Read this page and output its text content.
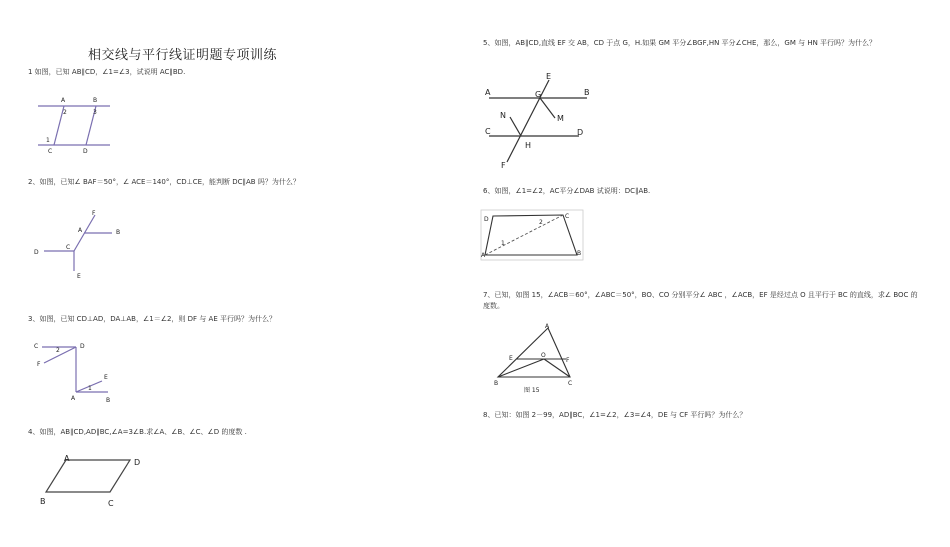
相交线与平行线证明题专项训练
1 如图，已知 AB∥CD，∠1=∠3，试说明 AC∥BD.
A	B
C	D
1
2	3
2、如图，已知∠ BAF＝50°，∠ ACE＝140°，CD⊥CE，能判断 DC∥AB 吗？为什么？
F
A	B
C
D
E
3、如图，已知 CD⊥AD，DA⊥AB，∠1＝∠2，则 DF 与 AE 平行吗？为什么？
C	D
F
E
A	B
1
2
4、如图，AB∥CD,AD∥BC,∠A=3∠B.求∠A、∠B、∠C、∠D 的度数 .
A	D
B	C
5、如图，AB∥CD,直线 EF 交 AB，CD 于点 G，H.如果 GM 平分∠BGF,HN 平分∠CHE，那么，GM 与 HN 平行吗？为什么？
E
A	B
G
N	M
C	D
H
F
6、如图，∠1=∠2，AC平分∠DAB 试说明：DC∥AB.
D	C
A	B
1
2
7、已知，如图 15，∠ACB＝60°，∠ABC＝50°，BO、CO 分别平分∠ ABC ，∠ACB，EF 是经过点 O 且平行于 BC 的直线，求∠ BOC 的度数。
A
E	O
F
B	C
图 15
8、已知：如图 2－99，AD∥BC，∠1=∠2，∠3=∠4，DE 与 CF 平行吗？为什么？
